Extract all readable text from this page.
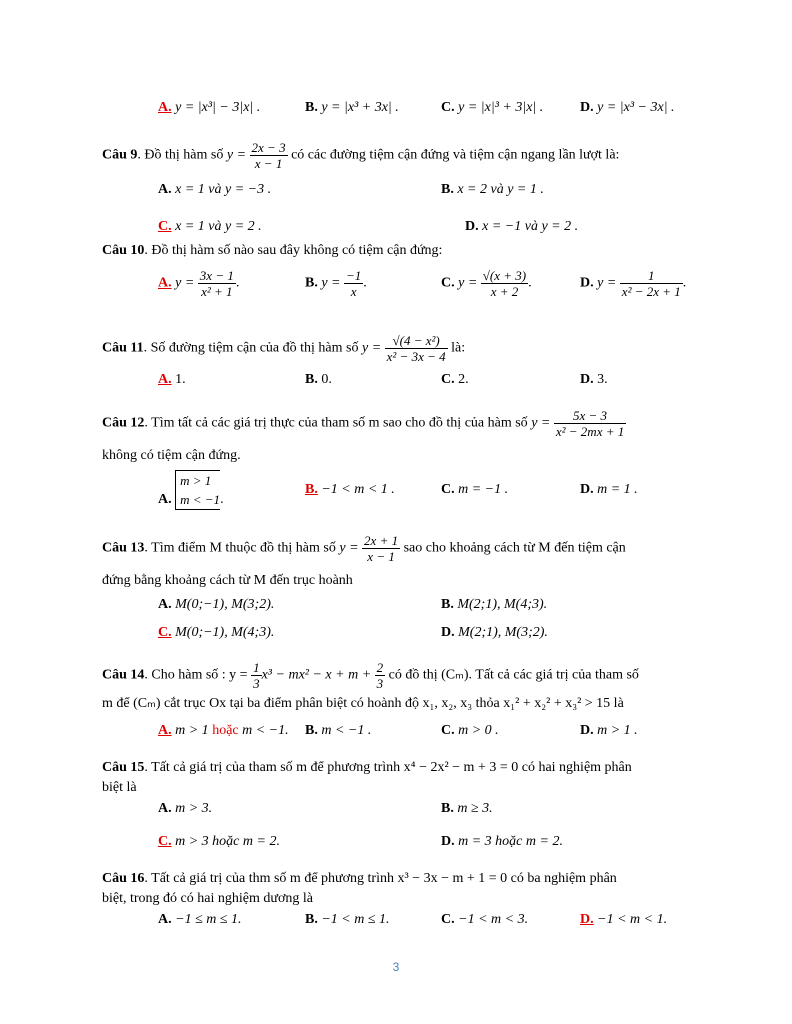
A. y = |x³| − 3|x| .	B. y = |x³ + 3x| .	C. y = |x|³ + 3|x| .	D. y = |x³ − 3x| .
Câu 9. Đồ thị hàm số $y = \frac{2x - 3}{x - 1}$ có các đường tiệm cận đứng và tiệm cận ngang lần lượt là:
A. x = 1 và y = −3 .	B. x = 2 và y = 1 .
C. x = 1 và y = 2 .	D. x = −1 và y = 2 .
Câu 10. Đồ thị hàm số nào sau đây không có tiệm cận đứng:
A. $y = \frac{3x - 1}{\text{x² + 1}}$ .	B. $y = \frac{-1}{x}$ .	C. $y = \frac{√(x + 3)}{x + 2}$ .	D. $y = \frac{1}{\text{x² − 2x + 1}}$ .
Câu 11. Số đường tiệm cận của đồ thị hàm số $y = \frac{\text{√(4 − x²)}}{\text{x² − 3x − 4}}$ là:
A. 1.	B. 0.	C. 2.	D. 3.
Câu 12. Tìm tất cả các giá trị thực của tham số m sao cho đồ thị của hàm số $y = \frac{5x - 3}{\text{x² − 2mx + 1}}$
không có tiệm cận đứng.
A.
m > 1
m < −1 .
B. −1 < m < 1 .	C. m = −1 .	D. m = 1 .
Câu 13. Tìm điểm M thuộc đồ thị hàm số $y = \frac{2x + 1}{x - 1}$ sao cho khoảng cách từ M đến tiệm cận
đứng bằng khoảng cách từ M đến trục hoành
A. M(0;−1), M(3;2).	B. M(2;1), M(4;3).
C. M(0;−1), M(4;3).	D. M(2;1), M(3;2).
Câu 14. Cho hàm số : $y = \frac{1}{3} x^3 - mx^2 - x + m + \frac{2}{3}$ có đồ thị (Cₘ). Tất cả các giá trị của tham số
m để (Cₘ) cắt trục Ox tại ba điểm phân biệt có hoành độ x₁, x₂, x₃ thỏa x₁² + x₂² + x₃² > 15 là
A. m > 1 hoặc m < −1. B. m < −1 .	C. m > 0 .	D. m > 1 .
Câu 15. Tất cả giá trị của tham số m để phương trình x⁴ − 2x² − m + 3 = 0 có hai nghiệm phân
biệt là
A. m > 3.	B. m ≥ 3.
C. m > 3 hoặc m = 2.	D. m = 3 hoặc m = 2.
Câu 16. Tất cả giá trị của thm số m để phương trình x³ − 3x − m + 1 = 0 có ba nghiệm phân
biệt, trong đó có hai nghiệm dương là
A. −1 ≤ m ≤ 1.	B. −1 < m ≤ 1.	C. −1 < m < 3.	D. −1 < m < 1.
3
